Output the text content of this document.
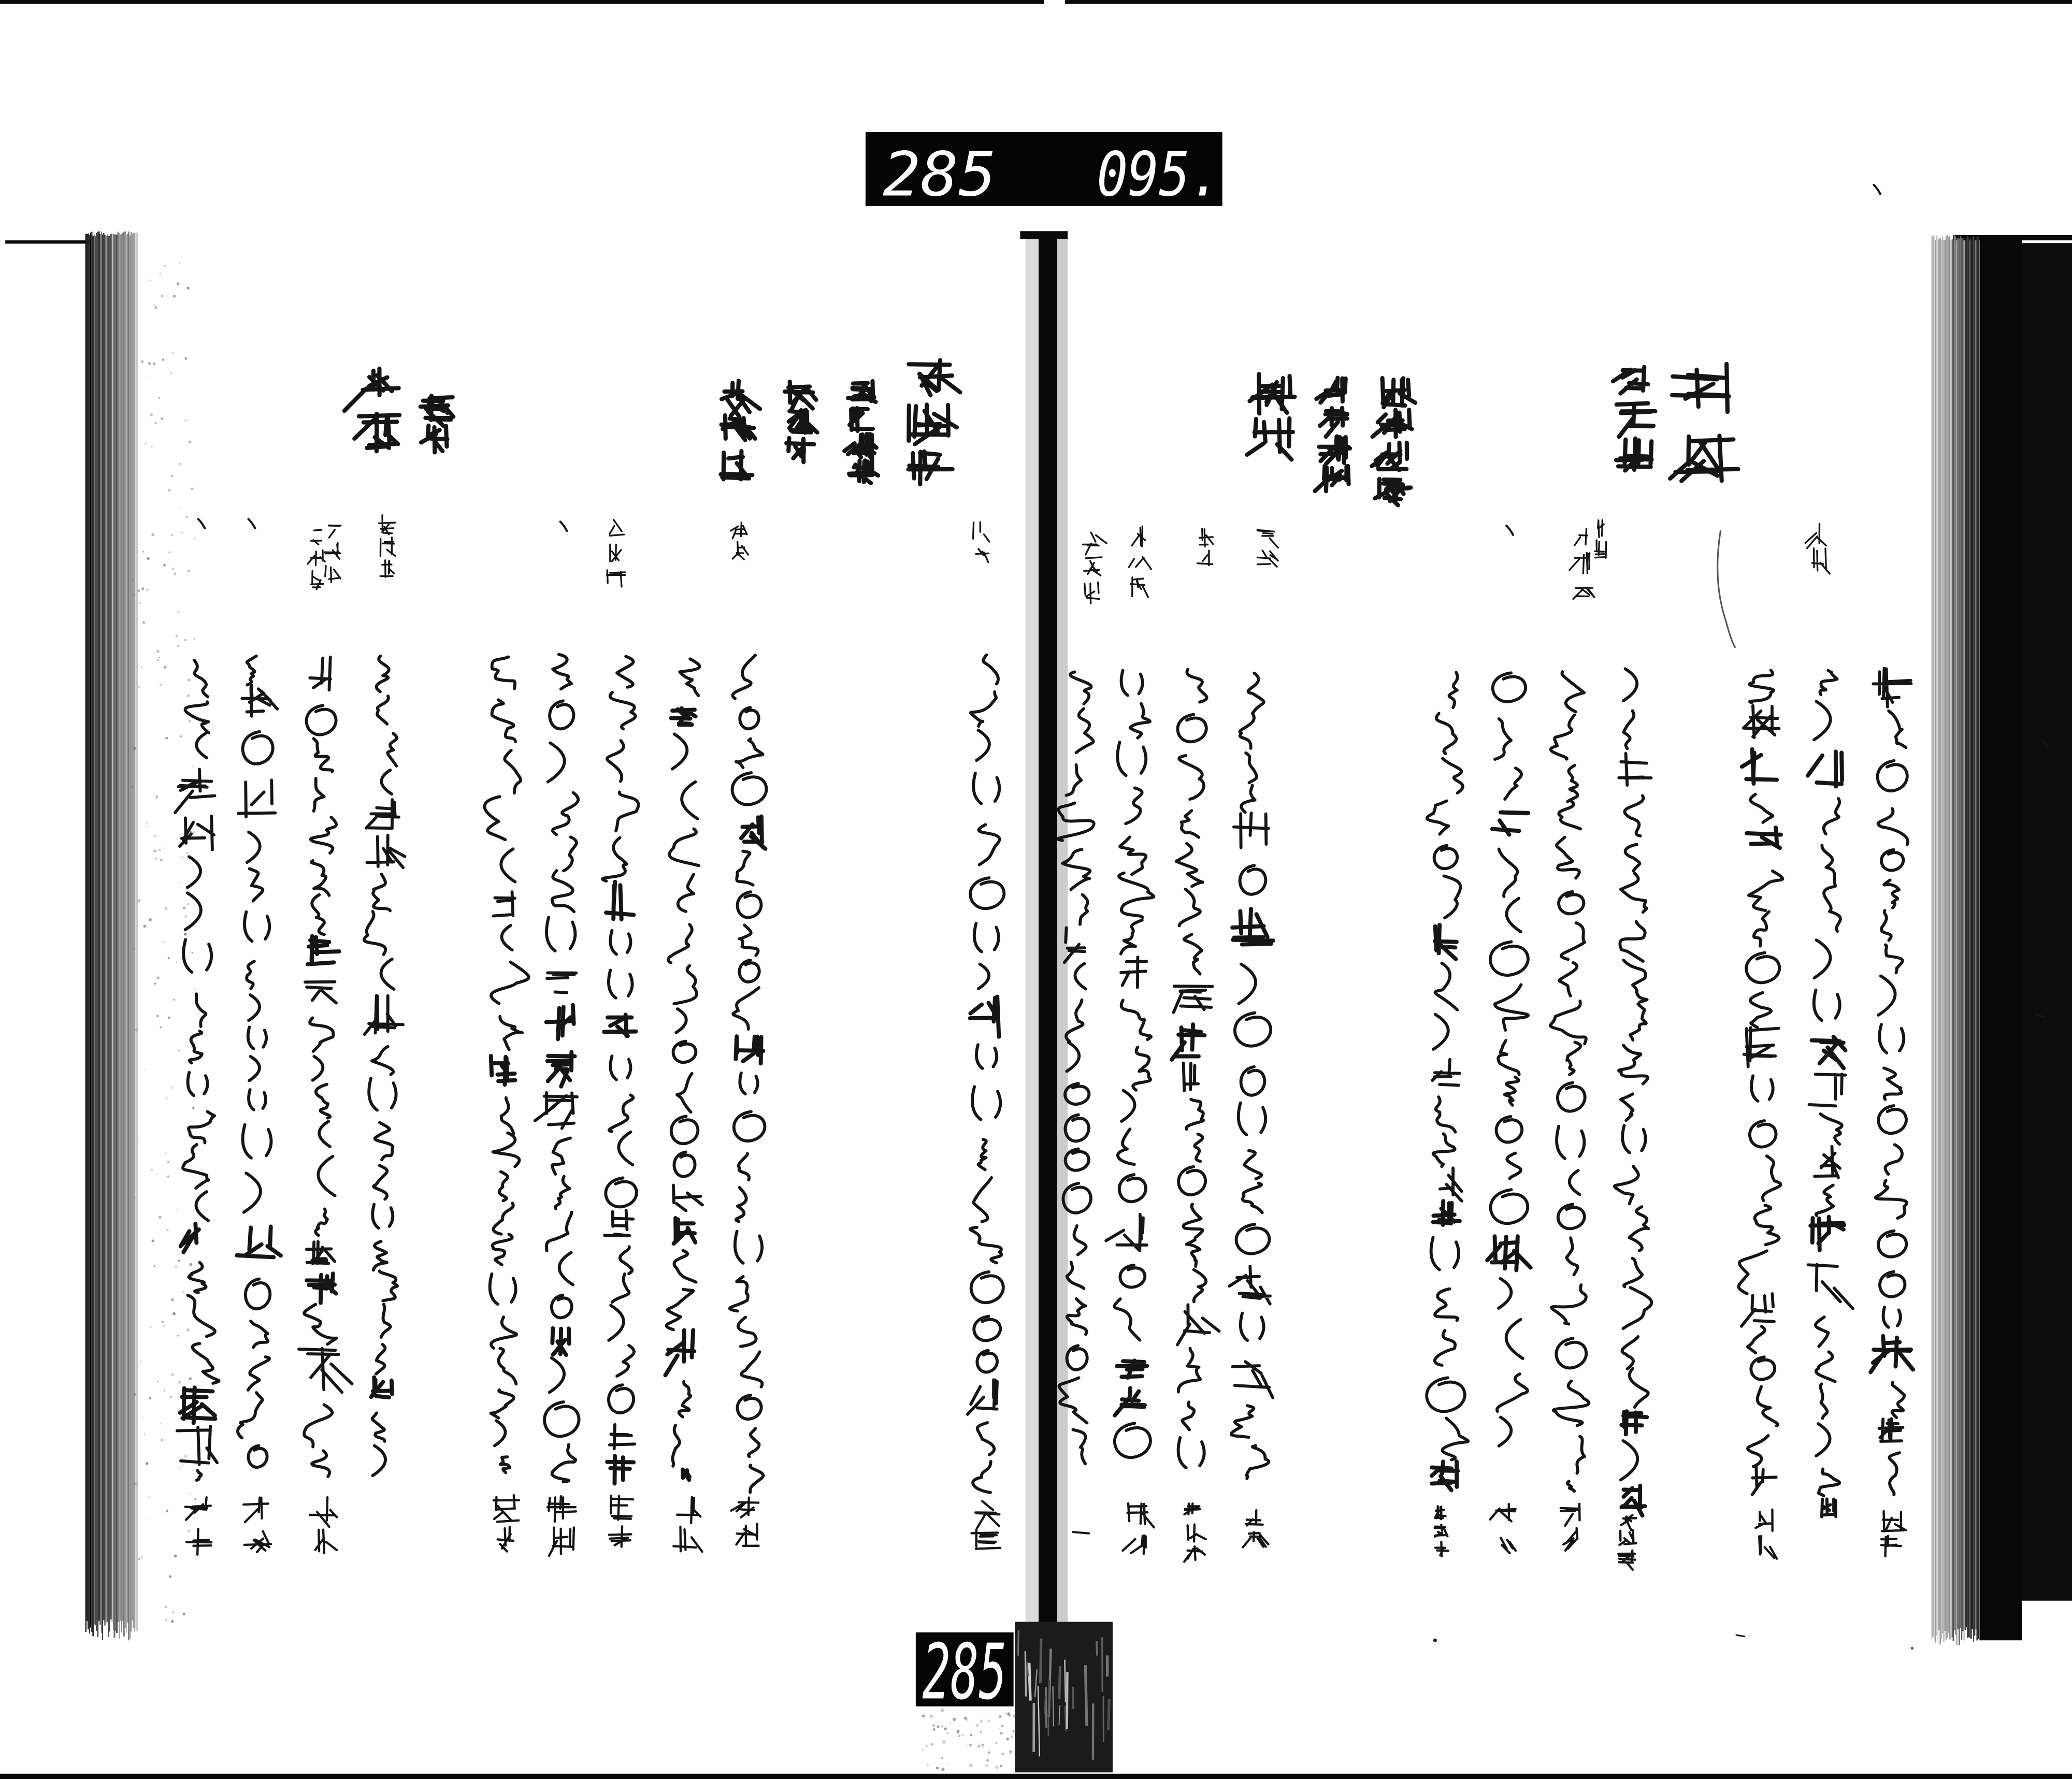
285	095.
285
